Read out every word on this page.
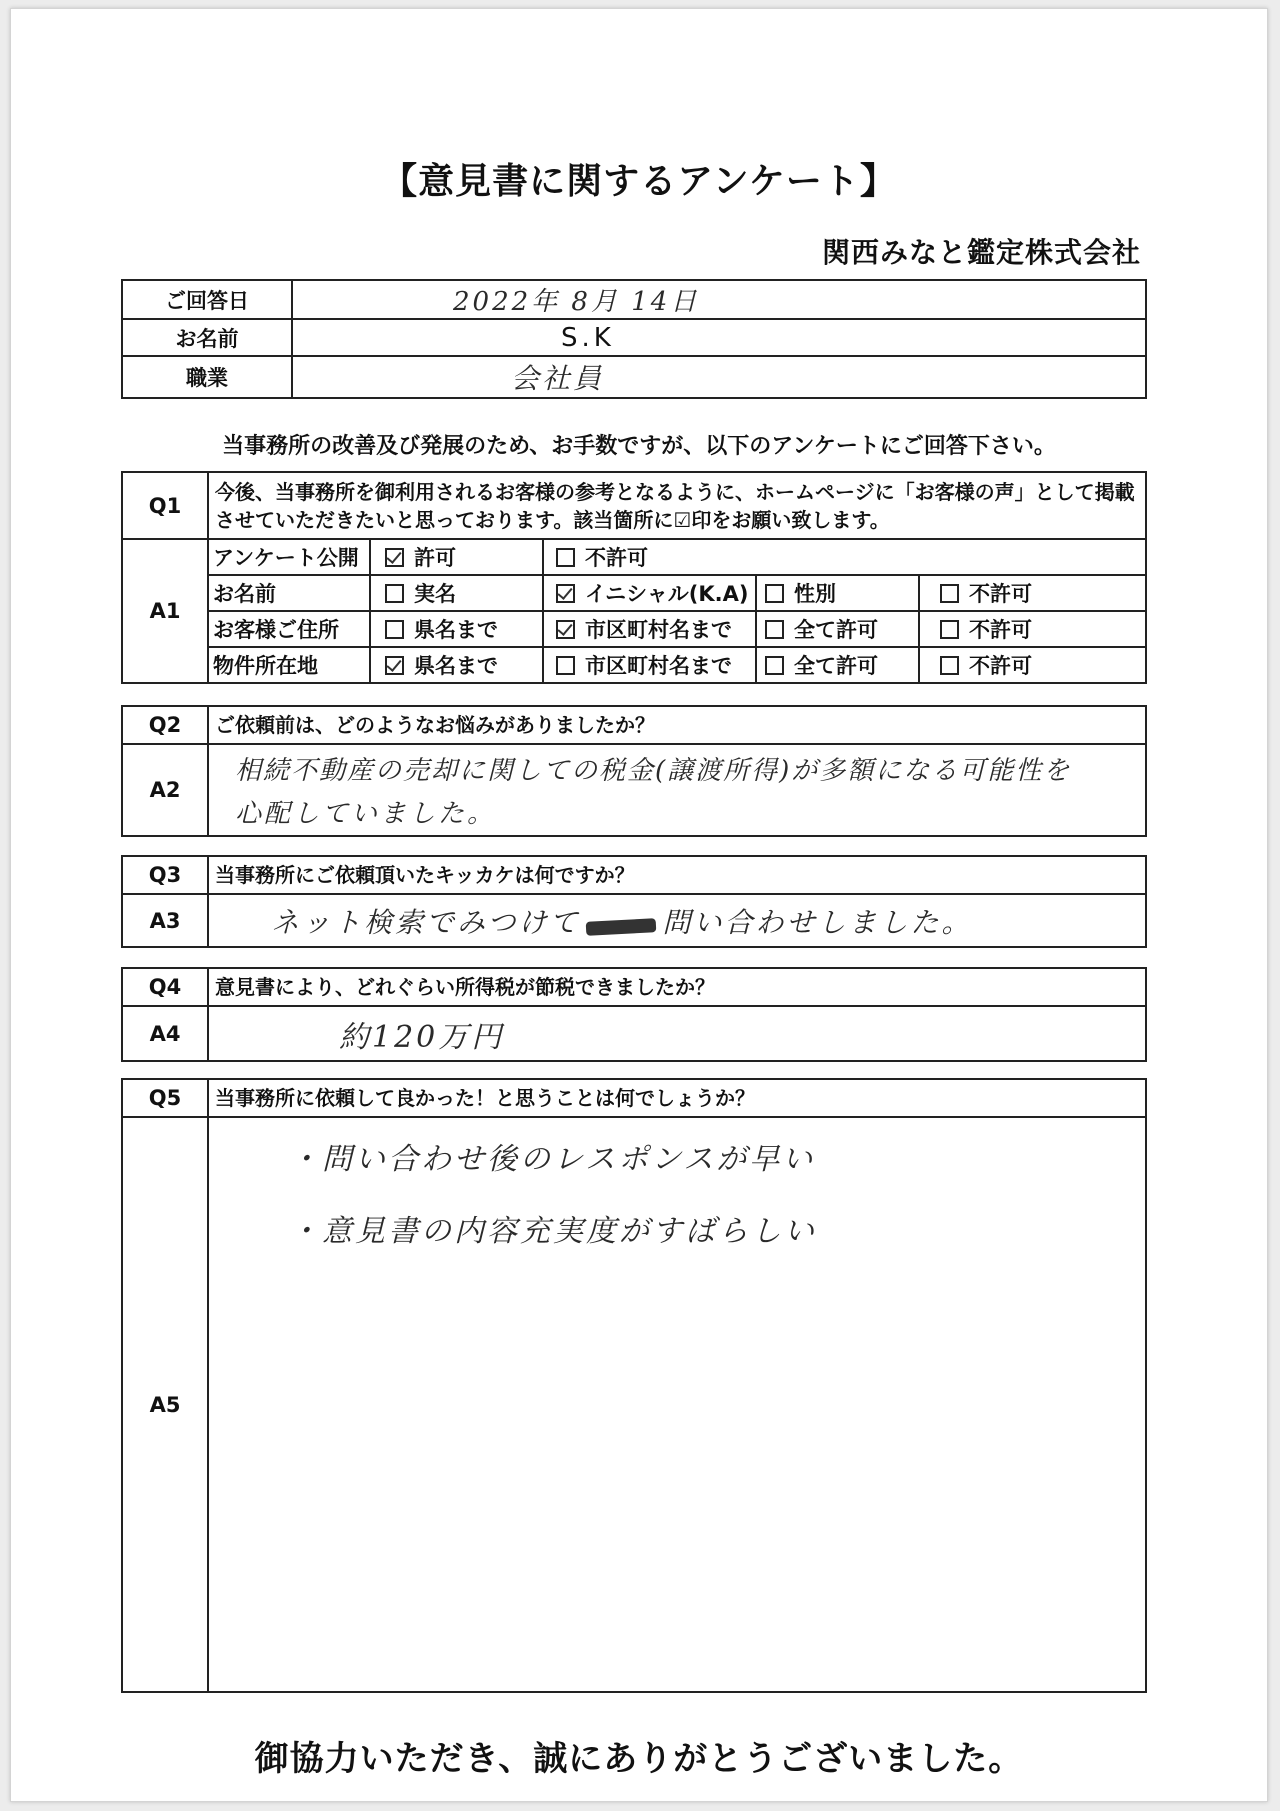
【意見書に関するアンケート】
関西みなと鑑定株式会社
ご回答日	2022年 8月 14日
お名前	S.K
職業	会社員
当事務所の改善及び発展のため、お手数ですが、以下のアンケートにご回答下さい。
Q1	今後、当事務所を御利用されるお客様の参考となるように、ホームページに「お客様の声」として掲載させていただきたいと思っております。該当箇所に☑印をお願い致します。				
A1	アンケート公開	許可	不許可		
	お名前	実名	イニシャル(K.A)	性別	不許可
	お客様ご住所	県名まで	市区町村名まで	全て許可	不許可
	物件所在地	県名まで	市区町村名まで	全て許可	不許可
Q2	ご依頼前は、どのようなお悩みがありましたか？
A2	相続不動産の売却に関しての税金(譲渡所得)が多額になる可能性を
心配していました。
Q3	当事務所にご依頼頂いたキッカケは何ですか？
A3	ネット検索でみつけて 問い合わせしました。
Q4	意見書により、どれぐらい所得税が節税できましたか？
A4	約120万円
Q5	当事務所に依頼して良かった！と思うことは何でしょうか？
A5	・問い合わせ後のレスポンスが早い
・意見書の内容充実度がすばらしい
御協力いただき、誠にありがとうございました。
